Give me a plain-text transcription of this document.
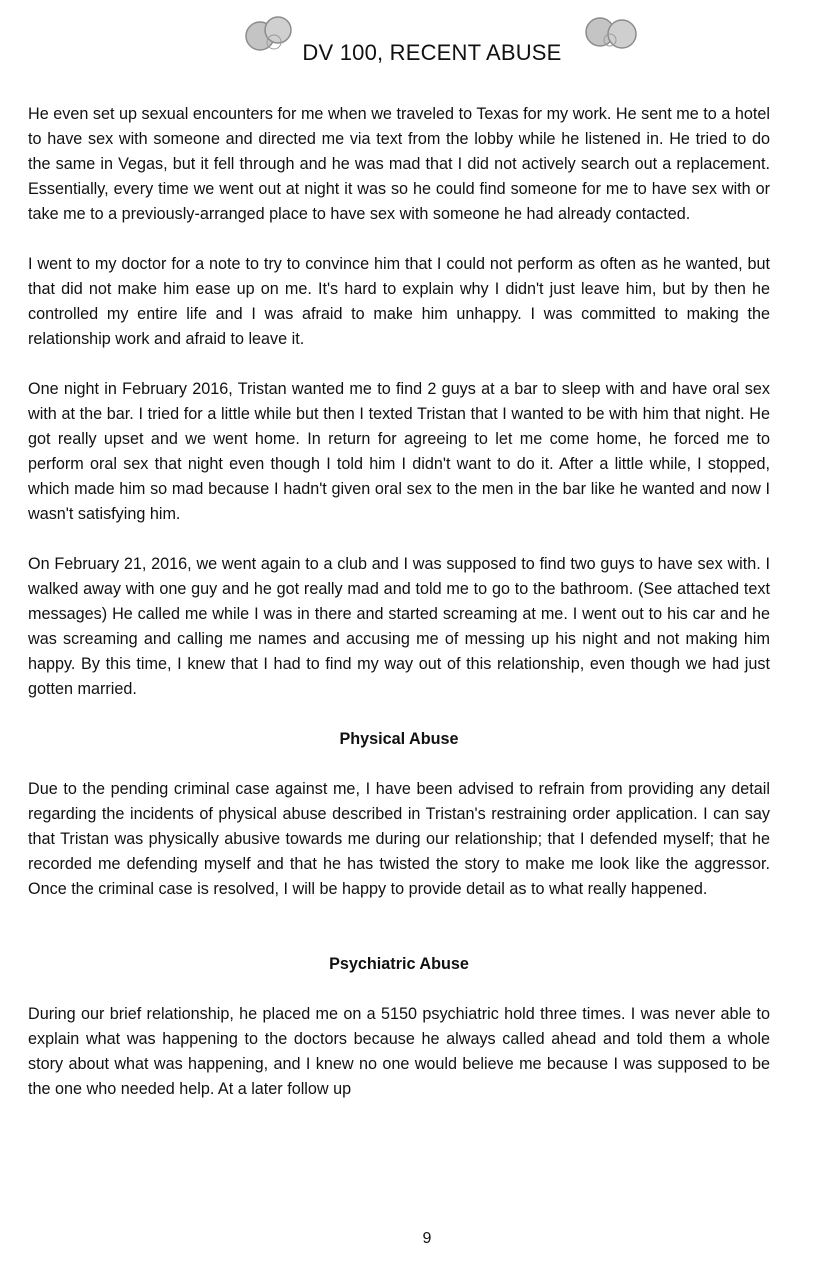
DV 100, RECENT ABUSE

He even set up sexual encounters for me when we traveled to Texas for my work. He sent me to a hotel to have sex with someone and directed me via text from the lobby while he listened in. He tried to do the same in Vegas, but it fell through and he was mad that I did not actively search out a replacement. Essentially, every time we went out at night it was so he could find someone for me to have sex with or take me to a previously-arranged place to have sex with someone he had already contacted.

I went to my doctor for a note to try to convince him that I could not perform as often as he wanted, but that did not make him ease up on me. It's hard to explain why I didn't just leave him, but by then he controlled my entire life and I was afraid to make him unhappy. I was committed to making the relationship work and afraid to leave it.

One night in February 2016, Tristan wanted me to find 2 guys at a bar to sleep with and have oral sex with at the bar. I tried for a little while but then I texted Tristan that I wanted to be with him that night. He got really upset and we went home. In return for agreeing to let me come home, he forced me to perform oral sex that night even though I told him I didn't want to do it. After a little while, I stopped, which made him so mad because I hadn't given oral sex to the men in the bar like he wanted and now I wasn't satisfying him.

On February 21, 2016, we went again to a club and I was supposed to find two guys to have sex with. I walked away with one guy and he got really mad and told me to go to the bathroom. (See attached text messages) He called me while I was in there and started screaming at me. I went out to his car and he was screaming and calling me names and accusing me of messing up his night and not making him happy. By this time, I knew that I had to find my way out of this relationship, even though we had just gotten married.

Physical Abuse

Due to the pending criminal case against me, I have been advised to refrain from providing any detail regarding the incidents of physical abuse described in Tristan's restraining order application. I can say that Tristan was physically abusive towards me during our relationship; that I defended myself; that he recorded me defending myself and that he has twisted the story to make me look like the aggressor. Once the criminal case is resolved, I will be happy to provide detail as to what really happened.

Psychiatric Abuse

During our brief relationship, he placed me on a 5150 psychiatric hold three times. I was never able to explain what was happening to the doctors because he always called ahead and told them a whole story about what was happening, and I knew no one would believe me because I was supposed to be the one who needed help. At a later follow up

9
